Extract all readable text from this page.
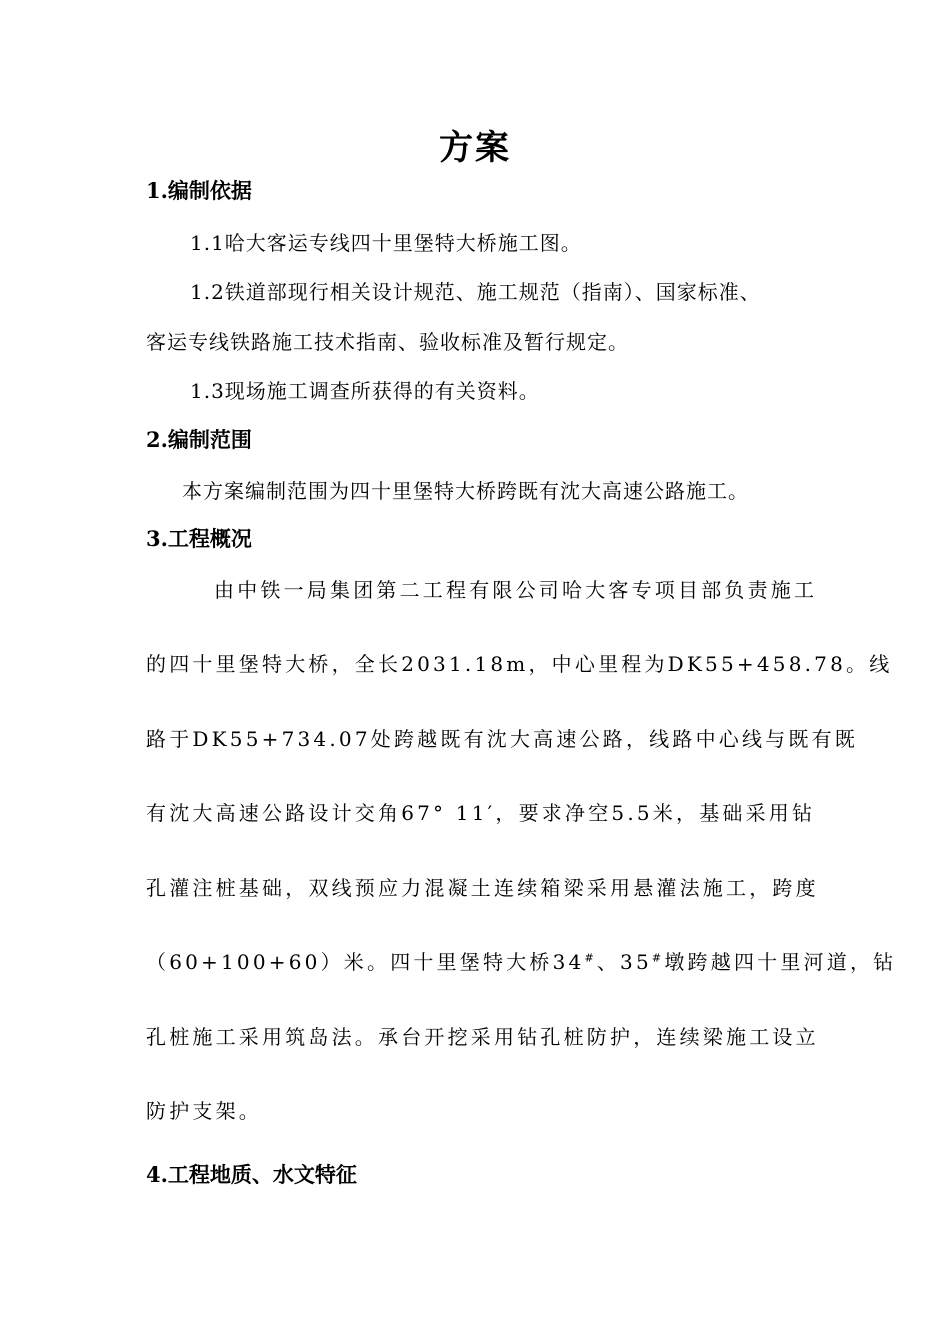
方案
1.编制依据
1.1哈大客运专线四十里堡特大桥施工图。
1.2铁道部现行相关设计规范、施工规范（指南）、国家标准、
客运专线铁路施工技术指南、验收标准及暂行规定。
1.3现场施工调查所获得的有关资料。
2.编制范围
本方案编制范围为四十里堡特大桥跨既有沈大高速公路施工。
3.工程概况
由中铁一局集团第二工程有限公司哈大客专项目部负责施工
的四十里堡特大桥，全长2031.18m，中心里程为DK55+458.78。线
路于DK55+734.07处跨越既有沈大高速公路，线路中心线与既有既
有沈大高速公路设计交角67° 11′，要求净空5.5米，基础采用钻
孔灌注桩基础，双线预应力混凝土连续箱梁采用悬灌法施工，跨度
（60+100+60）米。四十里堡特大桥34#、35#墩跨越四十里河道，钻
孔桩施工采用筑岛法。承台开挖采用钻孔桩防护，连续梁施工设立
防护支架。
4.工程地质、水文特征
